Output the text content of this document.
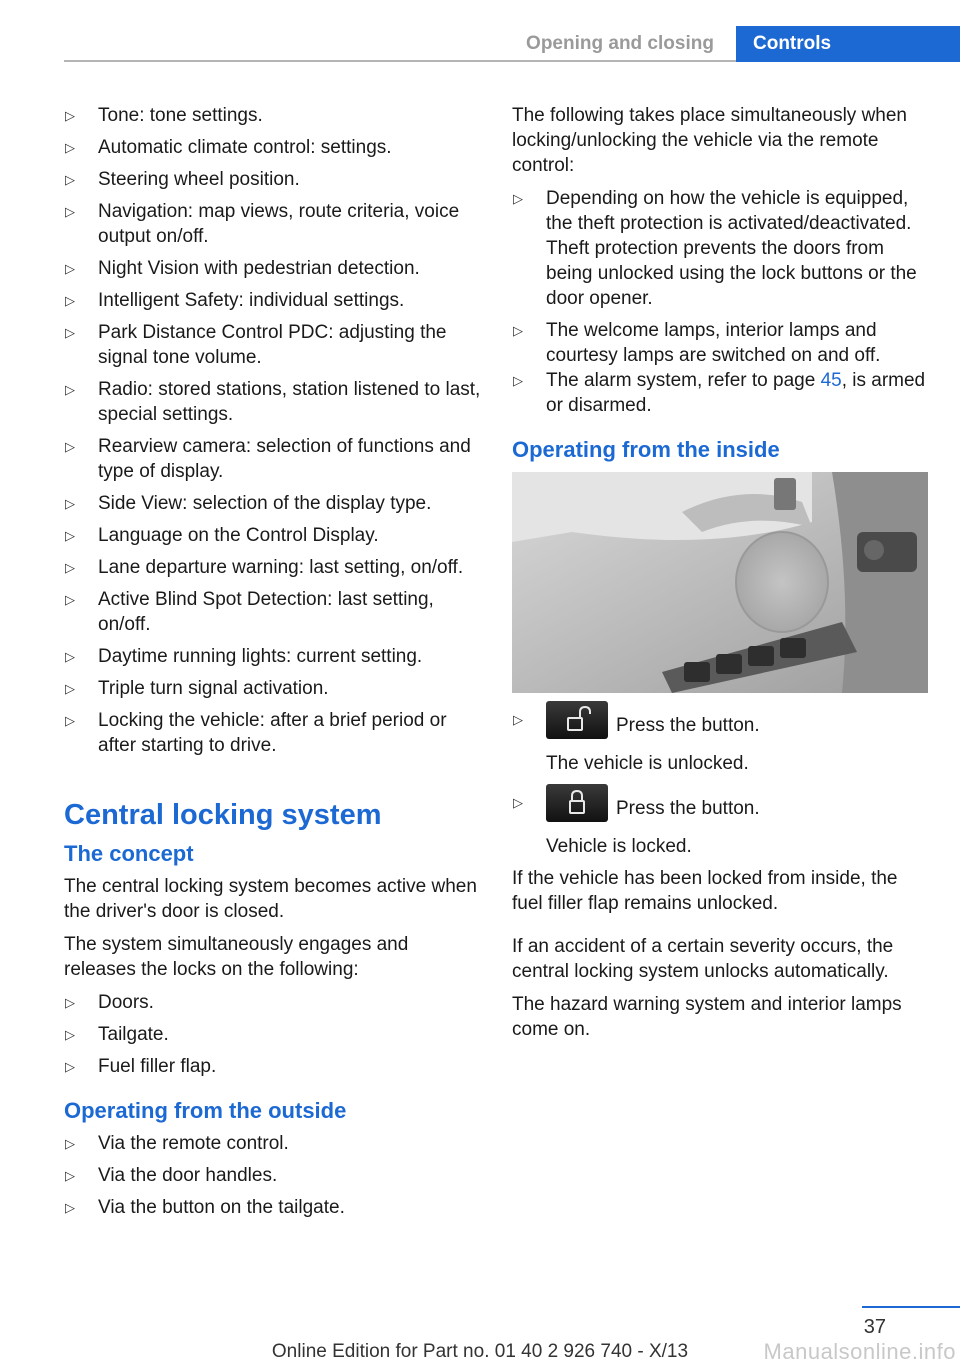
Opening and closing	Controls
▷ Tone: tone settings.
▷ Automatic climate control: settings.
▷ Steering wheel position.
▷ Navigation: map views, route criteria, voice output on/off.
▷ Night Vision with pedestrian detection.
▷ Intelligent Safety: individual settings.
▷ Park Distance Control PDC: adjusting the signal tone volume.
▷ Radio: stored stations, station listened to last, special settings.
▷ Rearview camera: selection of functions and type of display.
▷ Side View: selection of the display type.
▷ Language on the Control Display.
▷ Lane departure warning: last setting, on/off.
▷ Active Blind Spot Detection: last setting, on/off.
▷ Daytime running lights: current setting.
▷ Triple turn signal activation.
▷ Locking the vehicle: after a brief period or after starting to drive.
Central locking system
The concept

The central locking system becomes active when the driver's door is closed.

The system simultaneously engages and releases the locks on the following:

▷ Doors.
▷ Tailgate.
▷ Fuel filler flap.
Operating from the outside
▷ Via the remote control.
▷ Via the door handles.
▷ Via the button on the tailgate.

The following takes place simultaneously when locking/unlocking the vehicle via the remote control:

▷ Depending on how the vehicle is equipped, the theft protection is activated/deactivated. Theft protection prevents the doors from being unlocked using the lock buttons or the door opener.
▷ The welcome lamps, interior lamps and courtesy lamps are switched on and off.
▷ The alarm system, refer to page 45, is armed or disarmed.
Operating from the inside
▷	Press the button.
The vehicle is unlocked.
▷	Press the button.
Vehicle is locked.

If the vehicle has been locked from inside, the fuel filler flap remains unlocked.

If an accident of a certain severity occurs, the central locking system unlocks automatically.

The hazard warning system and interior lamps come on.

37
Online Edition for Part no. 01 40 2 926 740 - X/13	Manualsonline.info
